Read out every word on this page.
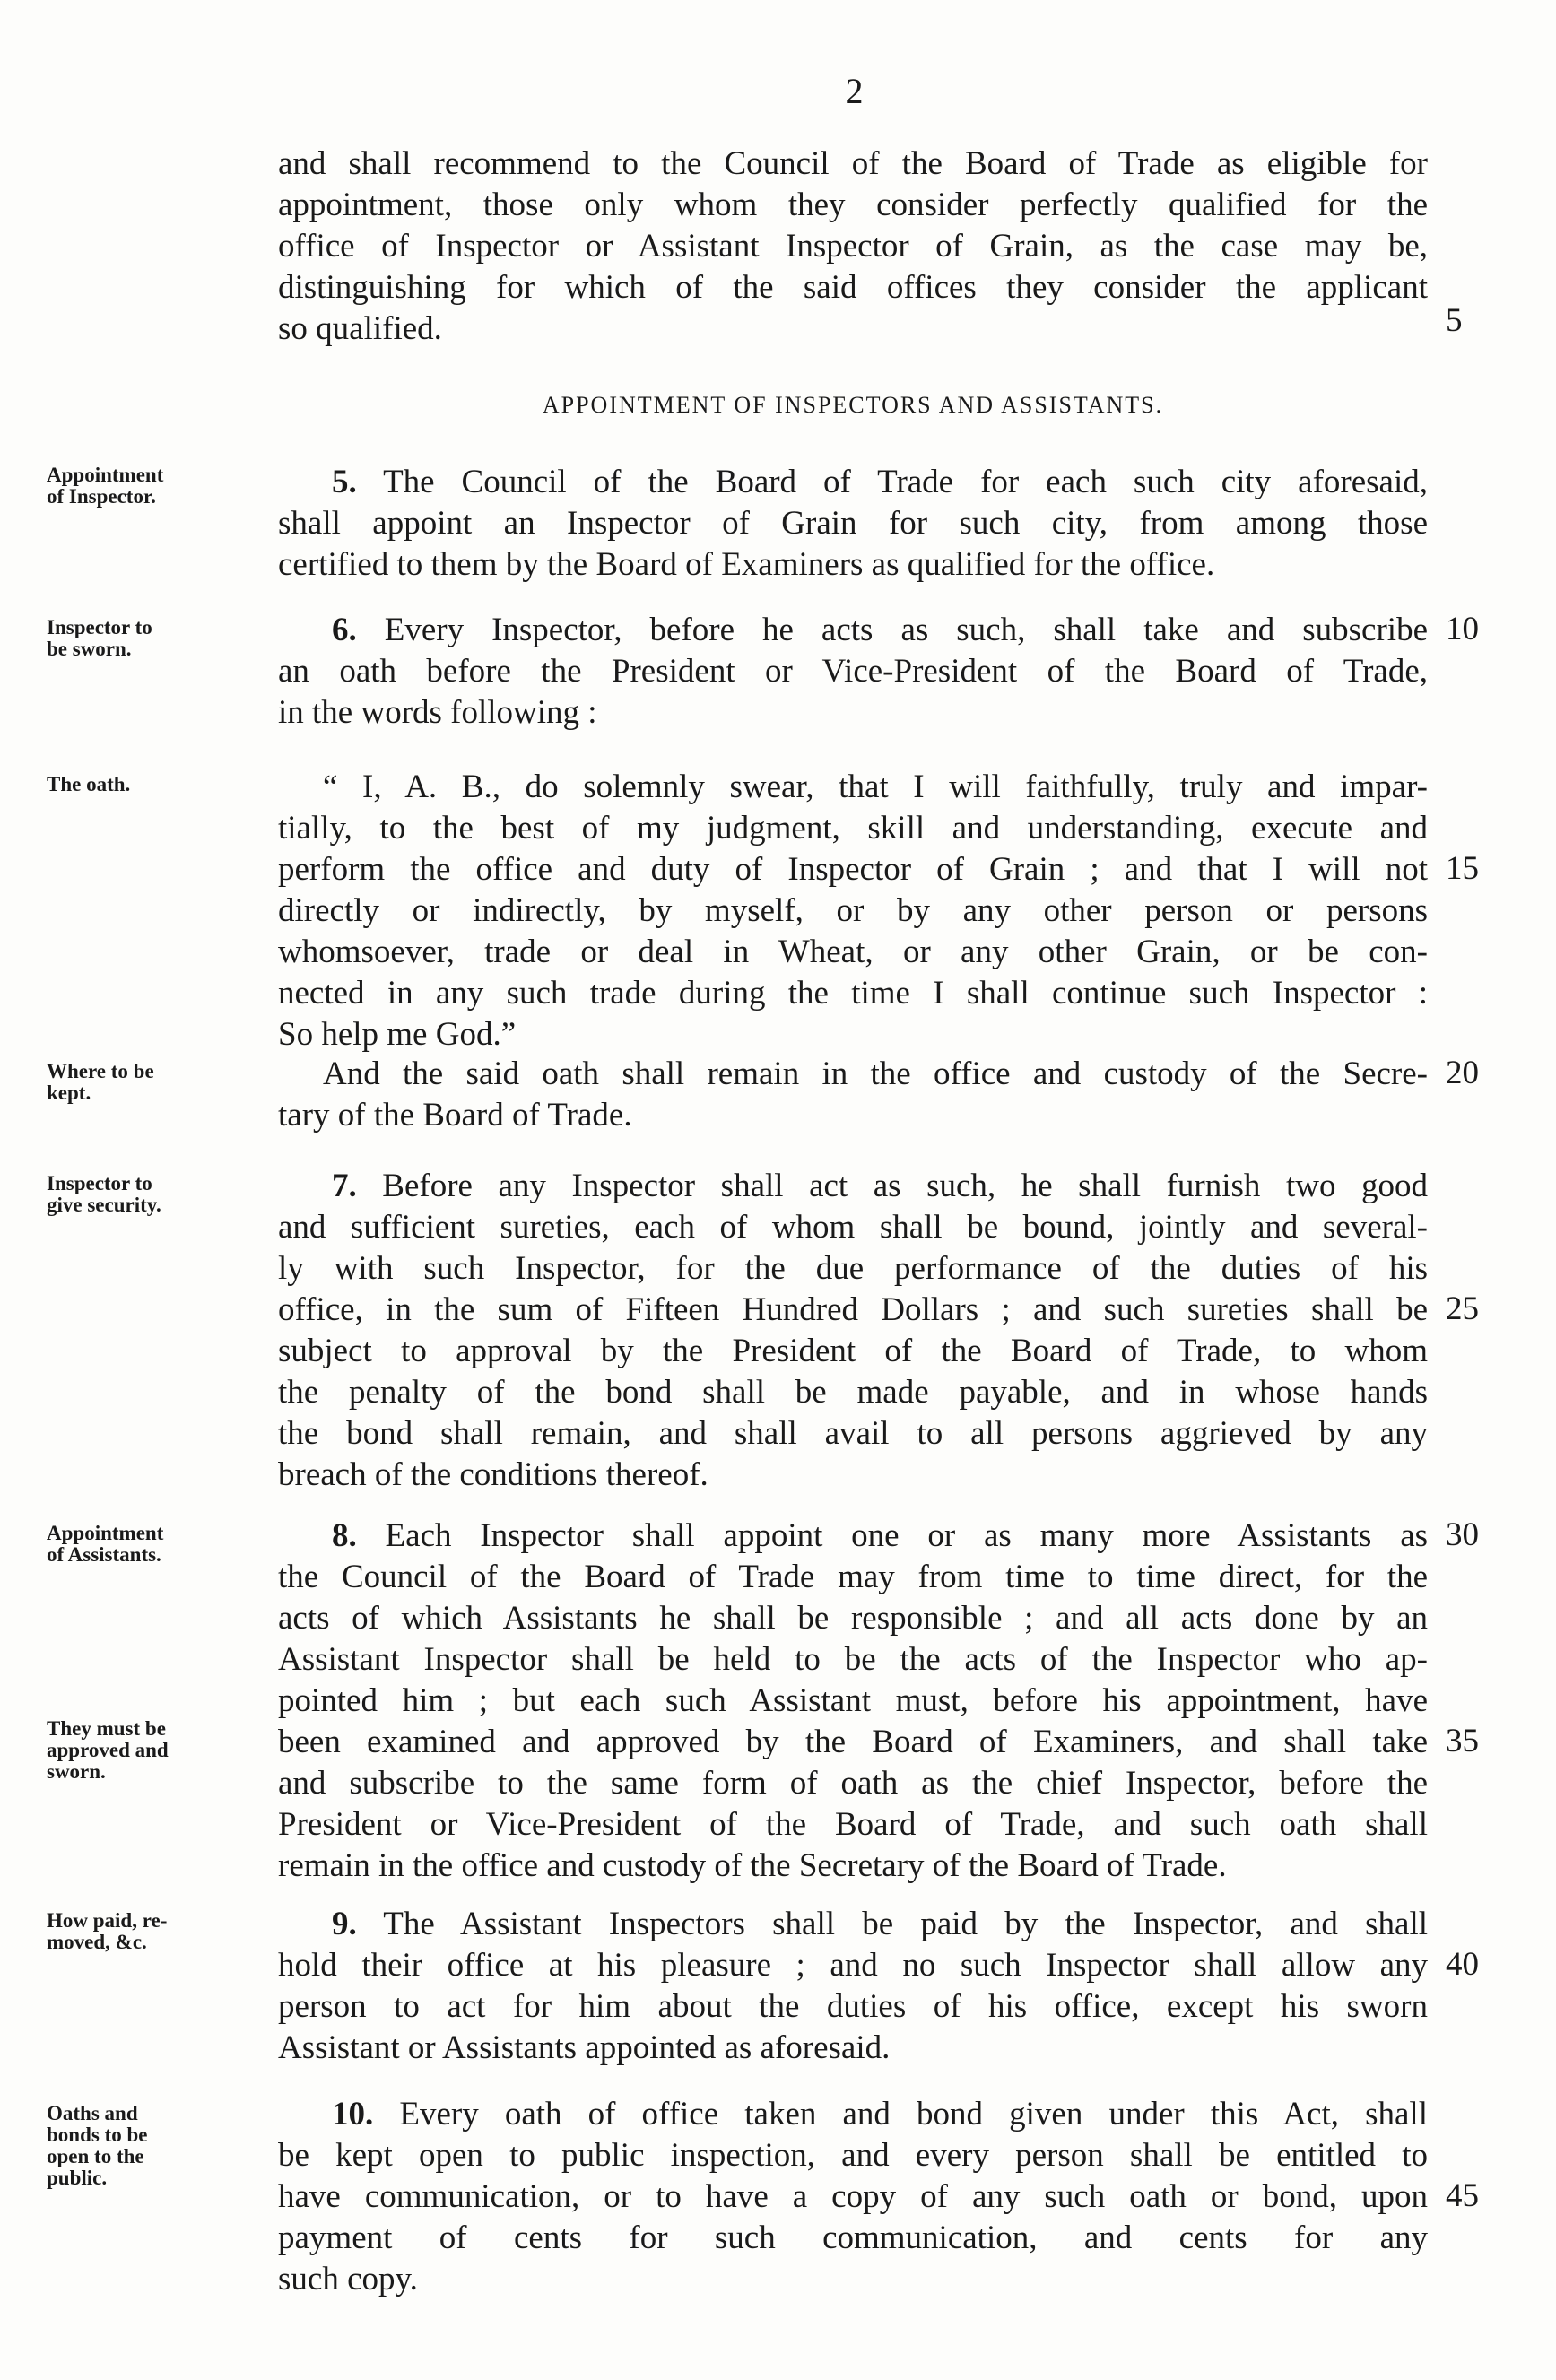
2
and shall recommend to the Council of the Board of Trade as eligible for
appointment, those only whom they consider perfectly qualified for the
office of Inspector or Assistant Inspector of Grain, as the case may be,
distinguishing for which of the said offices they consider the applicant
so qualified.
APPOINTMENT OF INSPECTORS AND ASSISTANTS.
5. The Council of the Board of Trade for each such city aforesaid,
shall appoint an Inspector of Grain for such city, from among those
certified to them by the Board of Examiners as qualified for the office.
6. Every Inspector, before he acts as such, shall take and subscribe
an oath before the President or Vice-President of the Board of Trade,
in the words following :
“ I, A. B., do solemnly swear, that I will faithfully, truly and impar-
tially, to the best of my judgment, skill and understanding, execute and
perform the office and duty of Inspector of Grain ; and that I will not
directly or indirectly, by myself, or by any other person or persons
whomsoever, trade or deal in Wheat, or any other Grain, or be con-
nected in any such trade during the time I shall continue such Inspector :
So help me God.”
And the said oath shall remain in the office and custody of the Secre-
tary of the Board of Trade.
7. Before any Inspector shall act as such, he shall furnish two good
and sufficient sureties, each of whom shall be bound, jointly and several-
ly with such Inspector, for the due performance of the duties of his
office, in the sum of Fifteen Hundred Dollars ; and such sureties shall be
subject to approval by the President of the Board of Trade, to whom
the penalty of the bond shall be made payable, and in whose hands
the bond shall remain, and shall avail to all persons aggrieved by any
breach of the conditions thereof.
8. Each Inspector shall appoint one or as many more Assistants as
the Council of the Board of Trade may from time to time direct, for the
acts of which Assistants he shall be responsible ; and all acts done by an
Assistant Inspector shall be held to be the acts of the Inspector who ap-
pointed him ; but each such Assistant must, before his appointment, have
been examined and approved by the Board of Examiners, and shall take
and subscribe to the same form of oath as the chief Inspector, before the
President or Vice-President of the Board of Trade, and such oath shall
remain in the office and custody of the Secretary of the Board of Trade.
9. The Assistant Inspectors shall be paid by the Inspector, and shall
hold their office at his pleasure ; and no such Inspector shall allow any
person to act for him about the duties of his office, except his sworn
Assistant or Assistants appointed as aforesaid.
10. Every oath of office taken and bond given under this Act, shall
be kept open to public inspection, and every person shall be entitled to
have communication, or to have a copy of any such oath or bond, upon
payment of cents for such communication, and cents for any
such copy.
Appointment
of Inspector.
Inspector to
be sworn.
The oath.
Where to be
kept.
Inspector to
give security.
Appointment
of Assistants.
They must be
approved and
sworn.
How paid, re-
moved, &c.
Oaths and
bonds to be
open to the
public.
5
10
15
20
25
30
35
40
45
